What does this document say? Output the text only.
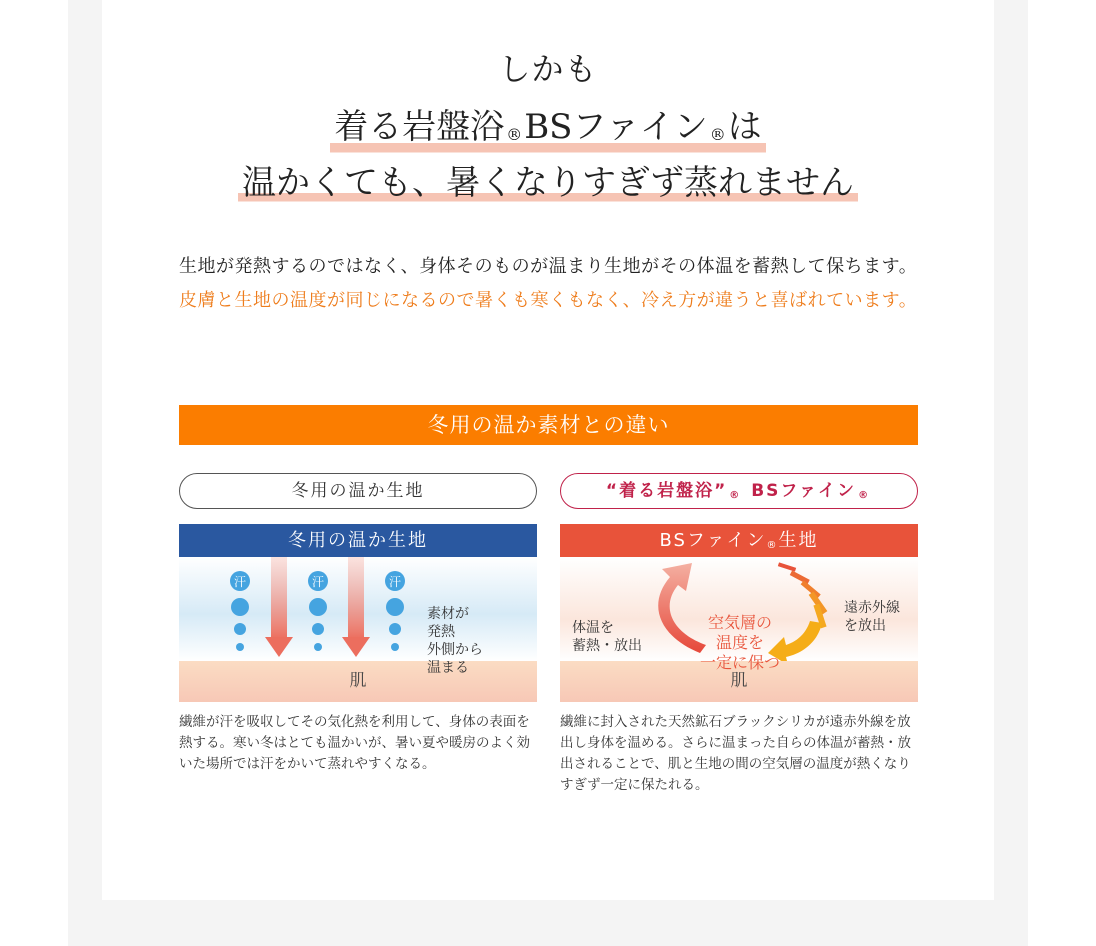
しかも
着る岩盤浴 ®BSファイン ®は
温かくても、暑くなりすぎず蒸れません

生地が発熱するのではなく、身体そのものが温まり生地がその体温を蓄熱して保ちます。皮膚と生地の温度が同じになるので暑くも寒くもなく、冷え方が違うと喜ばれています。

冬用の温か素材との違い
冬用の温か生地	“着る岩盤浴” ® BSファイン ®
冬用の温か生地
汗	汗	汗
素材が
発熱
外側から
温まる
肌
BSファイン®生地
遠赤外線
を放出
空気層の
温度を
一定に保つ
体温を
蓄熱・放出
肌

繊維が汗を吸収してその気化熱を利用して、身体の表面を熱する。寒い冬はとても温かいが、暑い夏や暖房のよく効いた場所では汗をかいて蒸れやすくなる。

繊維に封入された天然鉱石ブラックシリカが遠赤外線を放出し身体を温める。さらに温まった自らの体温が蓄熱・放出されることで、肌と生地の間の空気層の温度が熱くなりすぎず一定に保たれる。
